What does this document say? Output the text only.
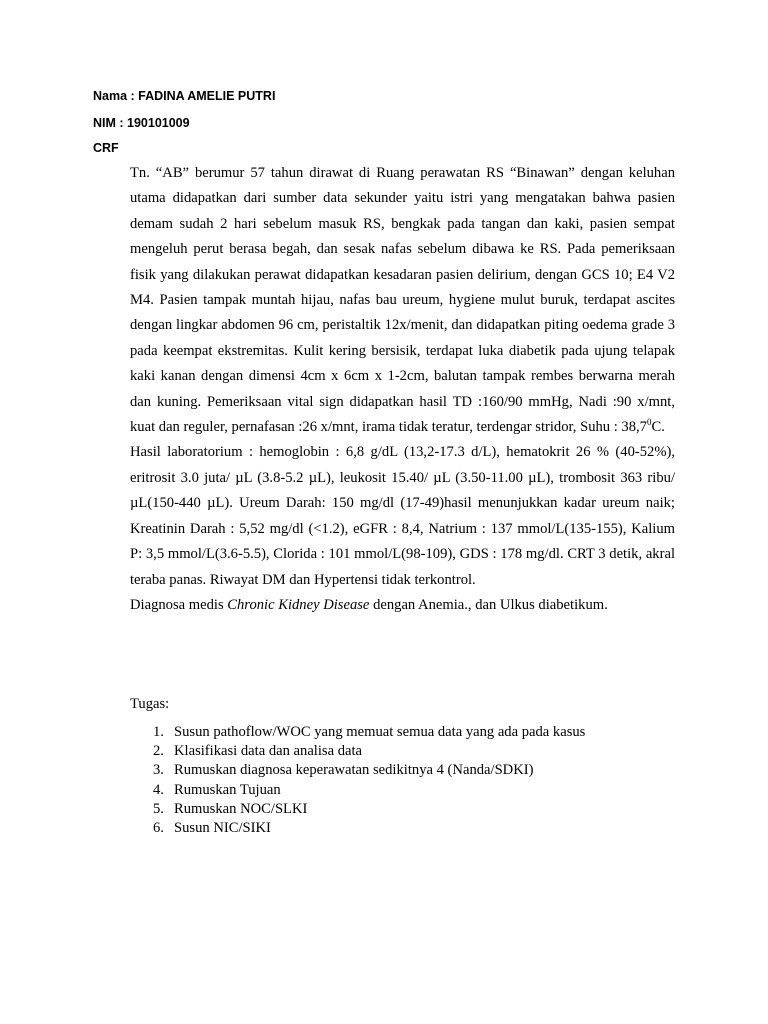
Nama : FADINA AMELIE PUTRI
NIM : 190101009
CRF

Tn. “AB” berumur 57 tahun dirawat di Ruang perawatan RS “Binawan” dengan keluhan utama didapatkan dari sumber data sekunder yaitu istri yang mengatakan bahwa pasien demam sudah 2 hari sebelum masuk RS, bengkak pada tangan dan kaki, pasien sempat mengeluh perut berasa begah, dan sesak nafas sebelum dibawa ke RS. Pada pemeriksaan fisik yang dilakukan perawat didapatkan kesadaran pasien delirium, dengan GCS 10; E4 V2 M4. Pasien tampak muntah hijau, nafas bau ureum, hygiene mulut buruk, terdapat ascites dengan lingkar abdomen 96 cm, peristaltik 12x/menit, dan didapatkan piting oedema grade 3 pada keempat ekstremitas. Kulit kering bersisik, terdapat luka diabetik pada ujung telapak kaki kanan dengan dimensi 4cm x 6cm x 1-2cm, balutan tampak rembes berwarna merah dan kuning. Pemeriksaan vital sign didapatkan hasil TD :160/90 mmHg, Nadi :90 x/mnt, kuat dan reguler, pernafasan :26 x/mnt, irama tidak teratur, terdengar stridor, Suhu : 38,7$^0$C.

Hasil laboratorium : hemoglobin : 6,8 g/dL (13,2-17.3 d/L), hematokrit 26 % (40-52%), eritrosit 3.0 juta/ µL (3.8-5.2 µL), leukosit 15.40/ µL (3.50-11.00 µL), trombosit 363 ribu/ µL(150-440 µL). Ureum Darah: 150 mg/dl (17-49)hasil menunjukkan kadar ureum naik; Kreatinin Darah : 5,52 mg/dl (<1.2), eGFR : 8,4, Natrium : 137 mmol/L(135-155), Kalium P: 3,5 mmol/L(3.6-5.5), Clorida : 101 mmol/L(98-109), GDS : 178 mg/dl. CRT 3 detik, akral teraba panas. Riwayat DM dan Hypertensi tidak terkontrol.

Diagnosa medis Chronic Kidney Disease dengan Anemia., dan Ulkus diabetikum.

Tugas:
1. Susun pathoflow/WOC yang memuat semua data yang ada pada kasus
2. Klasifikasi data dan analisa data
3. Rumuskan diagnosa keperawatan sedikitnya 4 (Nanda/SDKI)
4. Rumuskan Tujuan
5. Rumuskan NOC/SLKI
6. Susun NIC/SIKI
